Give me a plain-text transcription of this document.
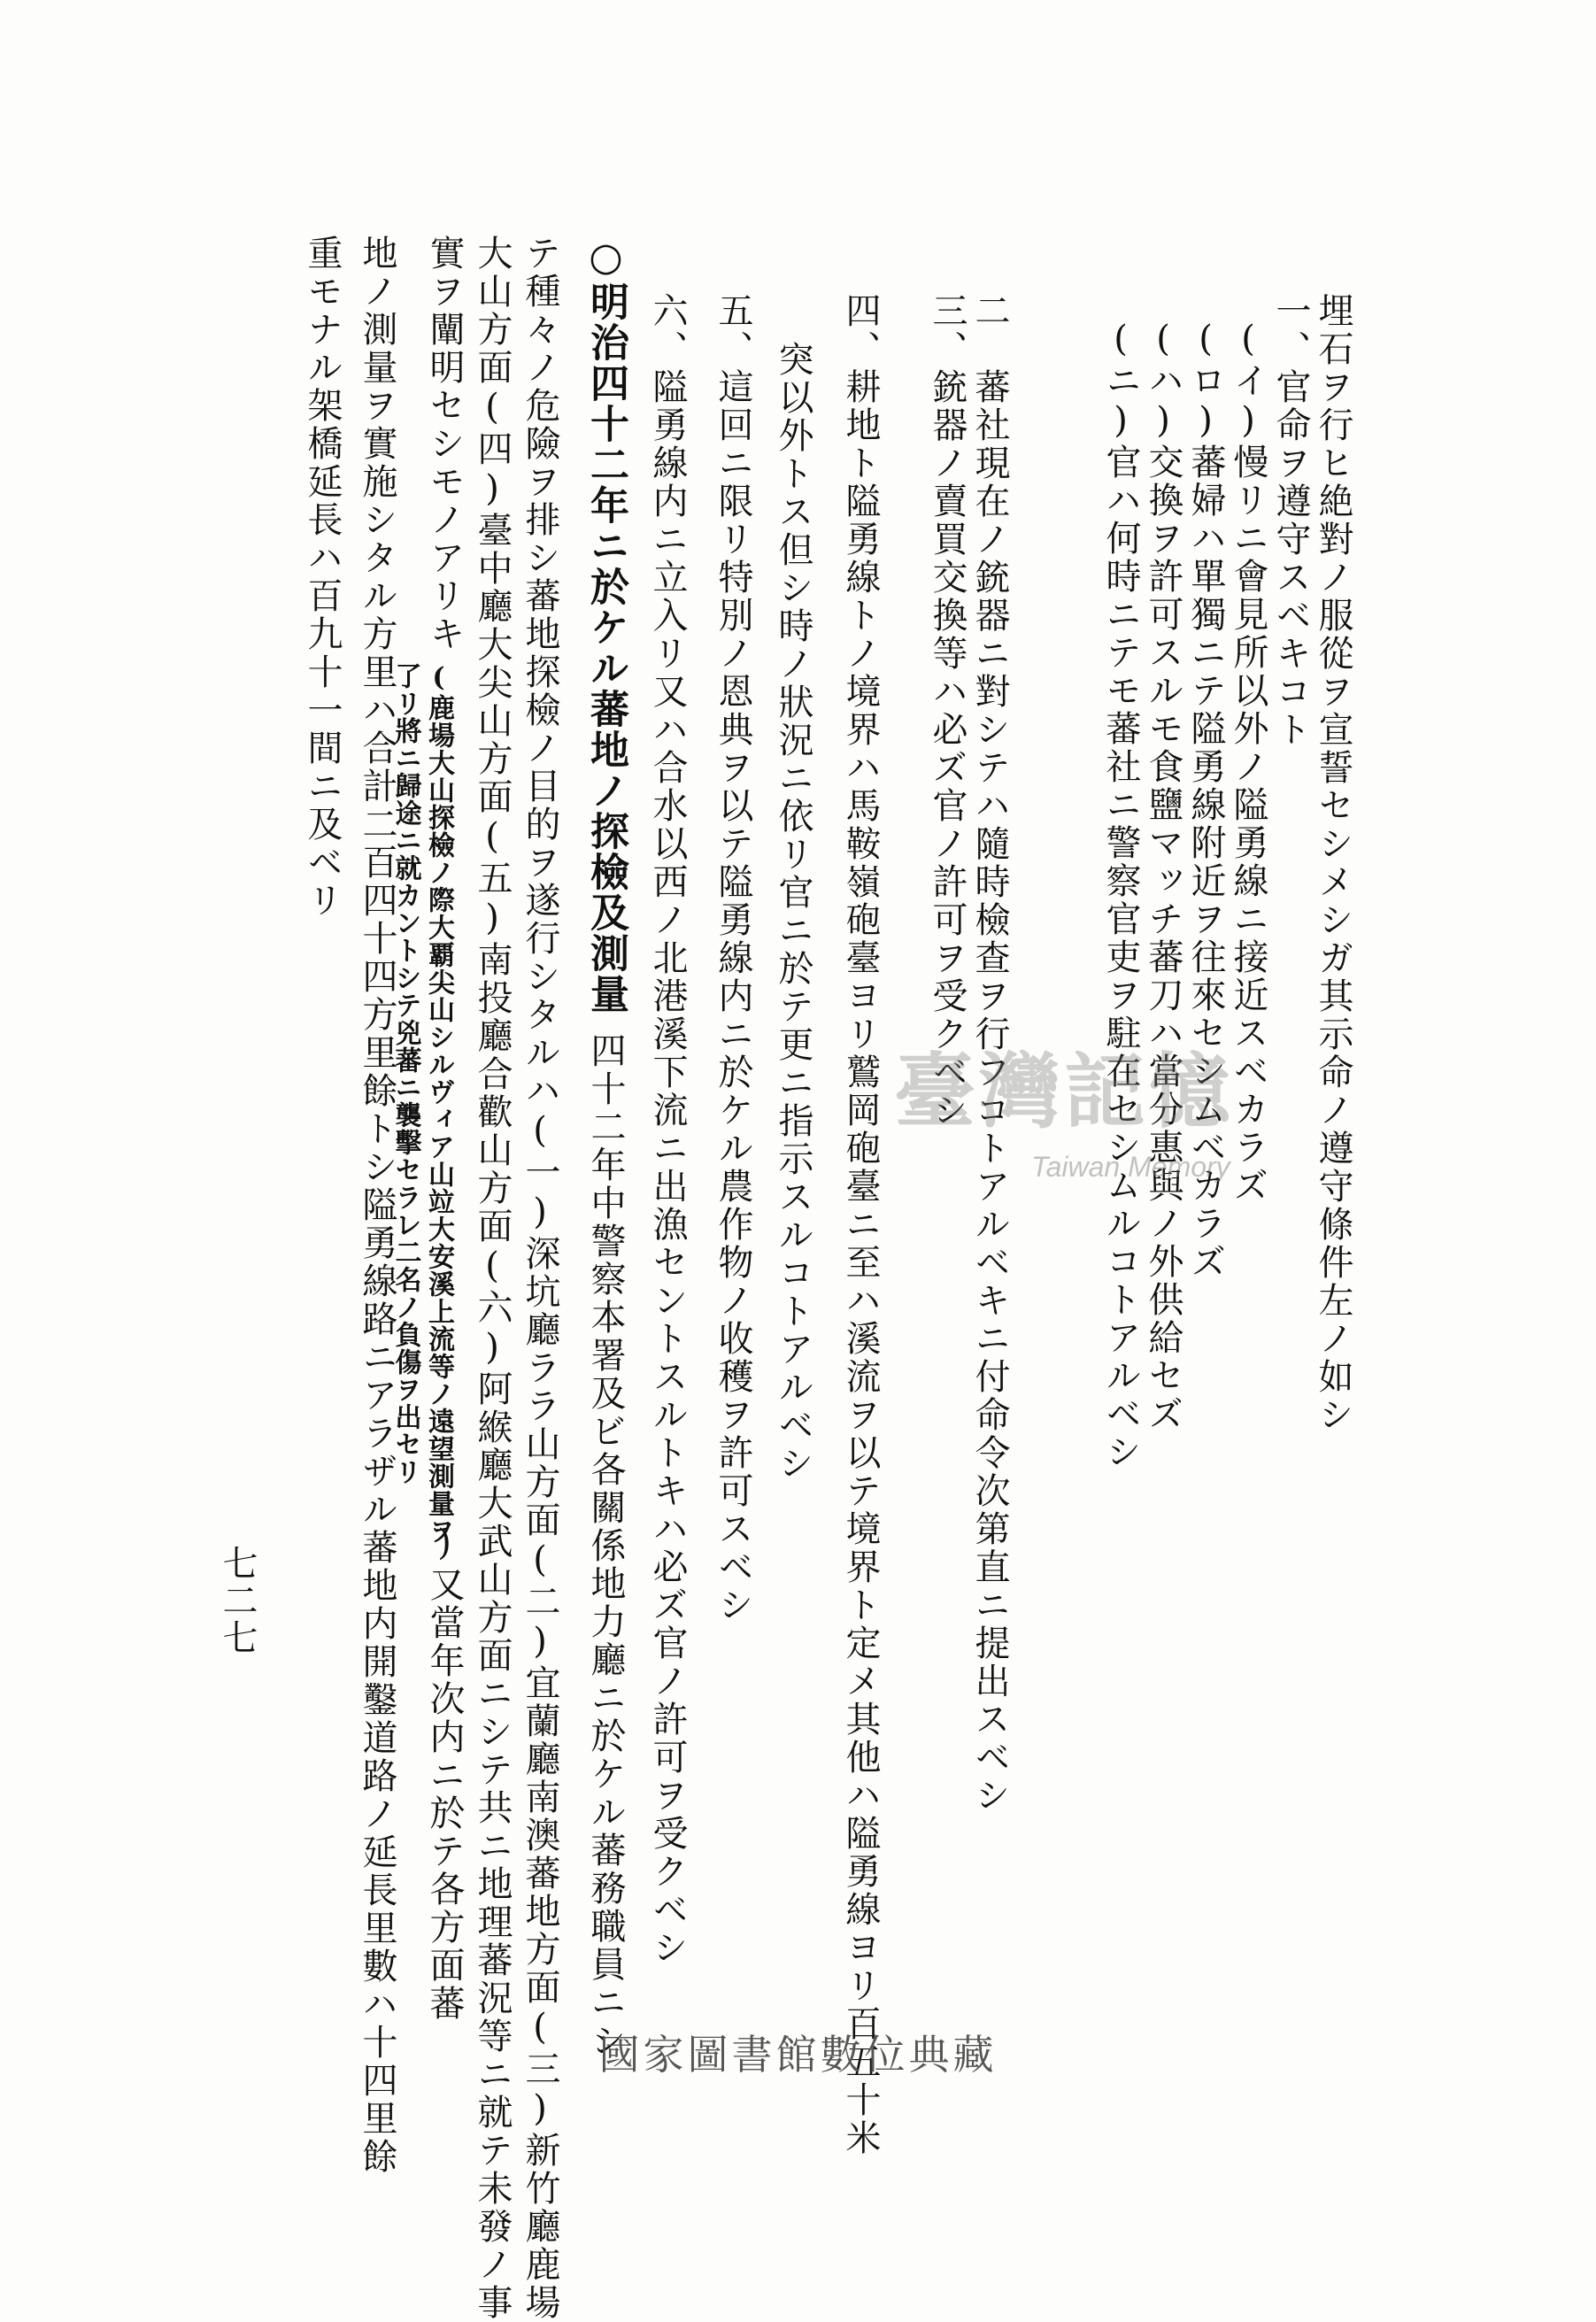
埋石ヲ行ヒ絶對ノ服從ヲ宣誓セシメシガ其示命ノ遵守條件左ノ如シ
一、官命ヲ遵守スベキコト
(イ)慢リニ會見所以外ノ隘勇線ニ接近スベカラズ
(ロ)蕃婦ハ單獨ニテ隘勇線附近ヲ往來セシムベカラズ
(ハ)交換ヲ許可スルモ食鹽マッチ蕃刀ハ當分惠與ノ外供給セズ
(ニ)官ハ何時ニテモ蕃社ニ警察官吏ヲ駐在セシムルコトアルベシ
二　蕃社現在ノ銃器ニ對シテハ隨時檢查ヲ行フコトアルベキニ付命令次第直ニ提出スベシ
三、銃器ノ賣買交換等ハ必ズ官ノ許可ヲ受クベシ
四、耕地ト隘勇線トノ境界ハ馬鞍嶺砲臺ヨリ鷲岡砲臺ニ至ハ溪流ヲ以テ境界ト定メ其他ハ隘勇線ヨリ百五十米
突以外トス但シ時ノ狀況ニ依リ官ニ於テ更ニ指示スルコトアルベシ
五、這回ニ限リ特別ノ恩典ヲ以テ隘勇線内ニ於ケル農作物ノ收穫ヲ許可スベシ
六、隘勇線内ニ立入リ又ハ合水以西ノ北港溪下流ニ出漁セントスルトキハ必ズ官ノ許可ヲ受クベシ
○明治四十二年ニ於ケル蕃地ノ探檢及測量四十二年中警察本署及ビ各關係地力廳ニ於ケル蕃務職員ニシ
テ種々ノ危險ヲ排シ蕃地探檢ノ目的ヲ遂行シタルハ(一)深坑廳ララ山方面(二)宜蘭廳南澳蕃地方面(三)新竹廳鹿場
大山方面(四)臺中廳大尖山方面(五)南投廳合歡山方面(六)阿緱廳大武山方面ニシテ共ニ地理蕃況等ニ就テ未發ノ事
實ヲ闡明セシモノアリキ
(鹿場大山探檢ノ際大覇尖山シルヴィア山竝大安溪上流等ノ遠望測量ヲ
了リ將ニ歸途ニ就カントシテ兇蕃ニ襲擊セラレ二名ノ負傷ヲ出セリ
)又當年次内ニ於テ各方面蕃
地ノ測量ヲ實施シタル方里ハ合計二百四十四方里餘トシ隘勇線路ニアラザル蕃地内開鑿道路ノ延長里數ハ十四里餘
重モナル架橋延長ハ百九十一間ニ及ベリ
七二七
臺灣記憶
Taiwan Memory
國家圖書館數位典藏
